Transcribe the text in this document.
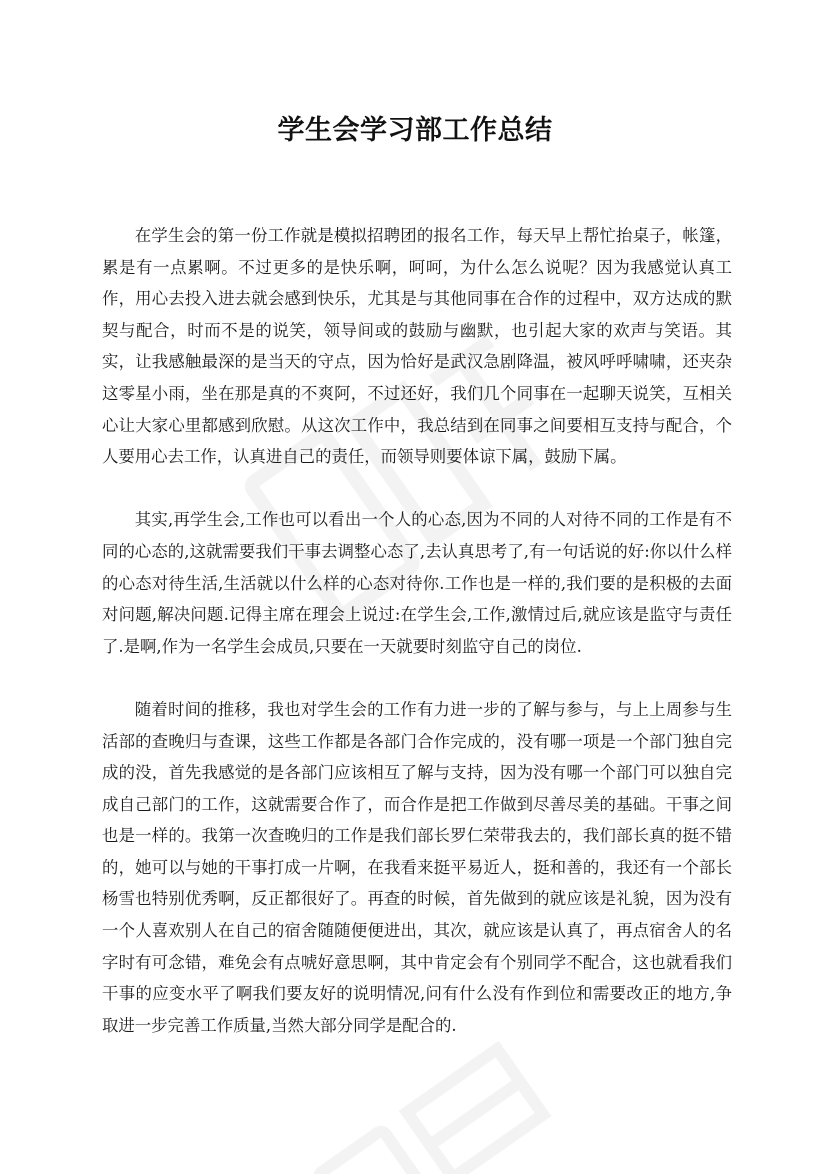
学生会学习部工作总结

在学生会的第一份工作就是模拟招聘团的报名工作，每天早上帮忙抬桌子，帐篷，累是有一点累啊。不过更多的是快乐啊，呵呵，为什么怎么说呢？因为我感觉认真工作，用心去投入进去就会感到快乐，尤其是与其他同事在合作的过程中，双方达成的默契与配合，时而不是的说笑，领导间或的鼓励与幽默，也引起大家的欢声与笑语。其实，让我感触最深的是当天的守点，因为恰好是武汉急剧降温，被风呼呼啸啸，还夹杂这零星小雨，坐在那是真的不爽阿，不过还好，我们几个同事在一起聊天说笑，互相关心让大家心里都感到欣慰。从这次工作中，我总结到在同事之间要相互支持与配合，个人要用心去工作，认真进自己的责任，而领导则要体谅下属，鼓励下属。

其实,再学生会,工作也可以看出一个人的心态,因为不同的人对待不同的工作是有不同的心态的,这就需要我们干事去调整心态了,去认真思考了,有一句话说的好:你以什么样的心态对待生活,生活就以什么样的心态对待你.工作也是一样的,我们要的是积极的去面对问题,解决问题.记得主席在理会上说过:在学生会,工作,激情过后,就应该是监守与责任了.是啊,作为一名学生会成员,只要在一天就要时刻监守自己的岗位.

随着时间的推移，我也对学生会的工作有力进一步的了解与参与，与上上周参与生活部的查晚归与查课，这些工作都是各部门合作完成的，没有哪一项是一个部门独自完成的没，首先我感觉的是各部门应该相互了解与支持，因为没有哪一个部门可以独自完成自己部门的工作，这就需要合作了，而合作是把工作做到尽善尽美的基础。干事之间也是一样的。我第一次查晚归的工作是我们部长罗仁荣带我去的，我们部长真的挺不错的，她可以与她的干事打成一片啊，在我看来挺平易近人，挺和善的，我还有一个部长杨雪也特别优秀啊，反正都很好了。再查的时候，首先做到的就应该是礼貌，因为没有一个人喜欢别人在自己的宿舍随随便便进出，其次，就应该是认真了，再点宿舍人的名字时有可念错，难免会有点唬好意思啊，其中肯定会有个别同学不配合，这也就看我们干事的应变水平了啊我们要友好的说明情况,问有什么没有作到位和需要改正的地方,争取进一步完善工作质量,当然大部分同学是配合的.
